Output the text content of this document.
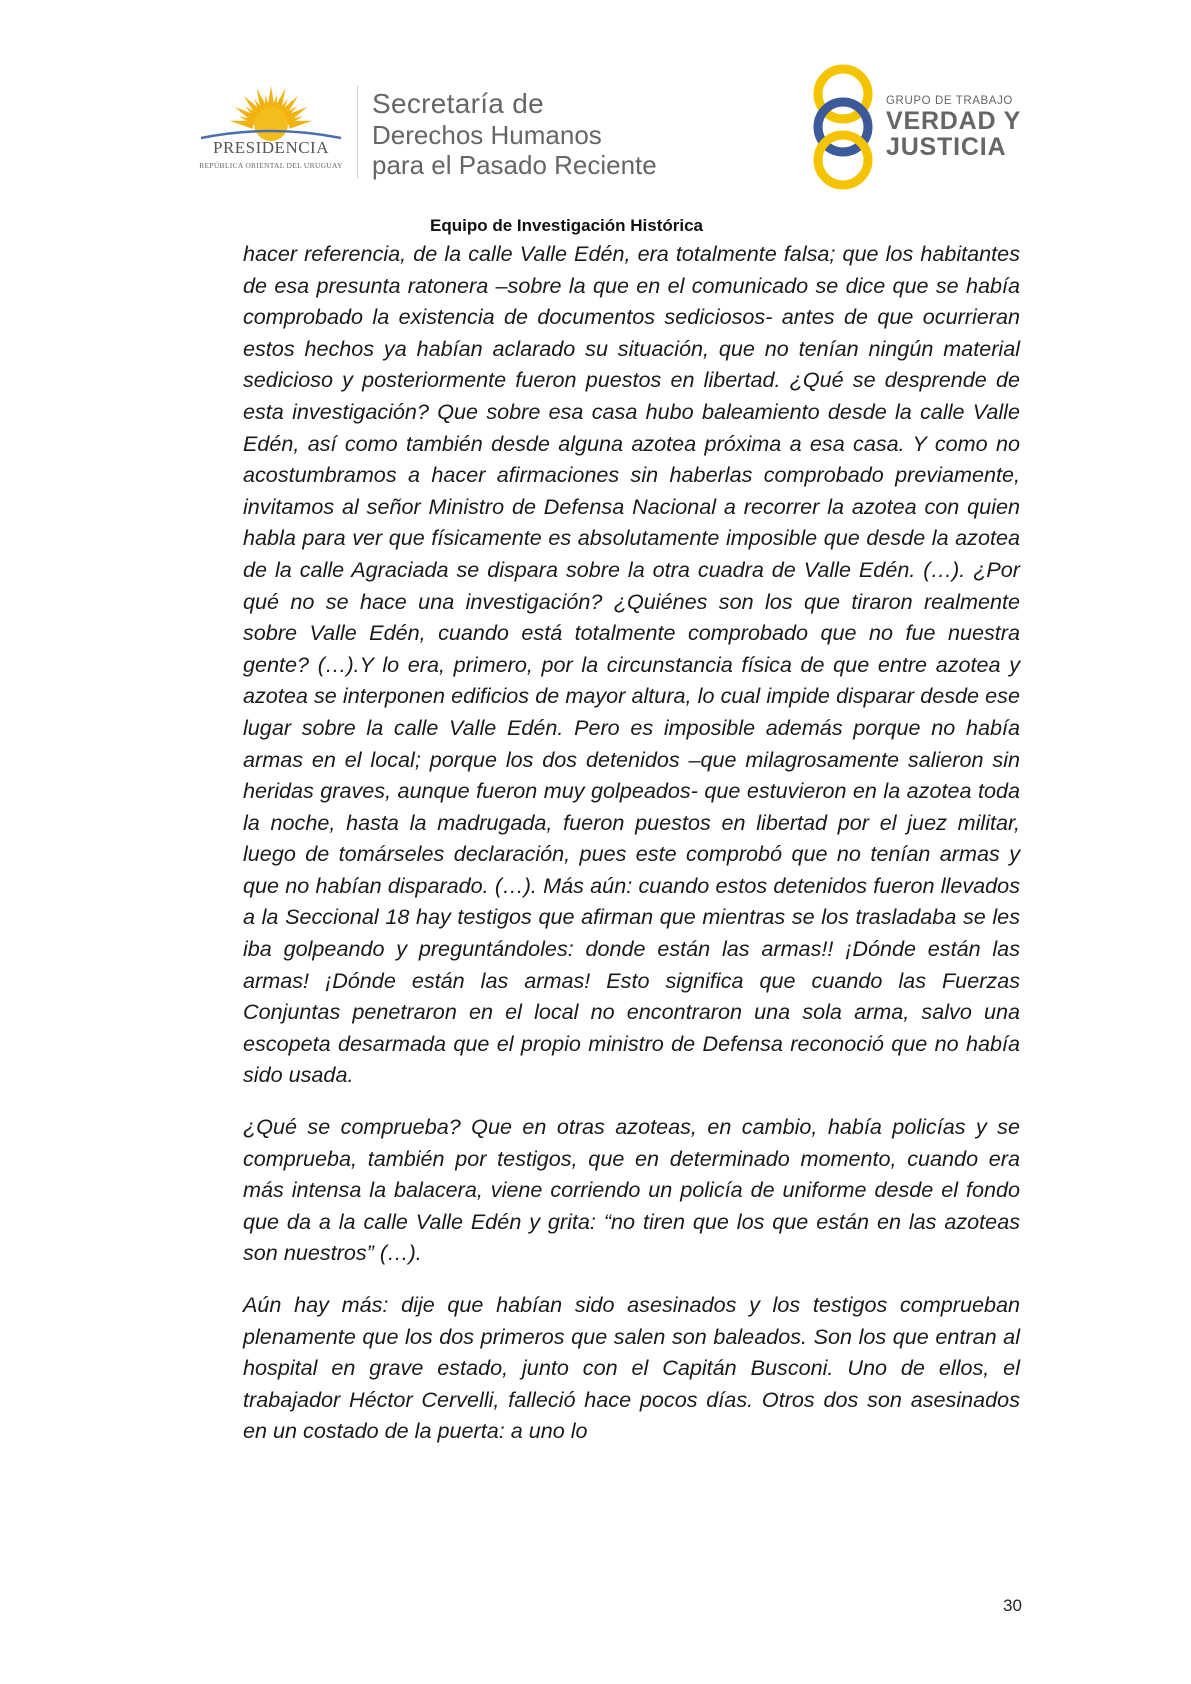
PRESIDENCIA
REPÚBLICA ORIENTAL DEL URUGUAY
Secretaría de
Derechos Humanos
para el Pasado Reciente
GRUPO DE TRABAJO
VERDAD Y
JUSTICIA
Equipo de Investigación Histórica

hacer referencia, de la calle Valle Edén, era totalmente falsa; que los habitantes de esa presunta ratonera –sobre la que en el comunicado se dice que se había comprobado la existencia de documentos sediciosos- antes de que ocurrieran estos hechos ya habían aclarado su situación, que no tenían ningún material sedicioso y posteriormente fueron puestos en libertad. ¿Qué se desprende de esta investigación? Que sobre esa casa hubo baleamiento desde la calle Valle Edén, así como también desde alguna azotea próxima a esa casa. Y como no acostumbramos a hacer afirmaciones sin haberlas comprobado previamente, invitamos al señor Ministro de Defensa Nacional a recorrer la azotea con quien habla para ver que físicamente es absolutamente imposible que desde la azotea de la calle Agraciada se dispara sobre la otra cuadra de Valle Edén. (…). ¿Por qué no se hace una investigación? ¿Quiénes son los que tiraron realmente sobre Valle Edén, cuando está totalmente comprobado que no fue nuestra gente? (…).Y lo era, primero, por la circunstancia física de que entre azotea y azotea se interponen edificios de mayor altura, lo cual impide disparar desde ese lugar sobre la calle Valle Edén. Pero es imposible además porque no había armas en el local; porque los dos detenidos –que milagrosamente salieron sin heridas graves, aunque fueron muy golpeados- que estuvieron en la azotea toda la noche, hasta la madrugada, fueron puestos en libertad por el juez militar, luego de tomárseles declaración, pues este comprobó que no tenían armas y que no habían disparado. (…). Más aún: cuando estos detenidos fueron llevados a la Seccional 18 hay testigos que afirman que mientras se los trasladaba se les iba golpeando y preguntándoles: donde están las armas!! ¡Dónde están las armas! ¡Dónde están las armas! Esto significa que cuando las Fuerzas Conjuntas penetraron en el local no encontraron una sola arma, salvo una escopeta desarmada que el propio ministro de Defensa reconoció que no había sido usada.

¿Qué se comprueba? Que en otras azoteas, en cambio, había policías y se comprueba, también por testigos, que en determinado momento, cuando era más intensa la balacera, viene corriendo un policía de uniforme desde el fondo que da a la calle Valle Edén y grita: “no tiren que los que están en las azoteas son nuestros” (…).

Aún hay más: dije que habían sido asesinados y los testigos comprueban plenamente que los dos primeros que salen son baleados. Son los que entran al hospital en grave estado, junto con el Capitán Busconi. Uno de ellos, el trabajador Héctor Cervelli, falleció hace pocos días. Otros dos son asesinados en un costado de la puerta: a uno lo

30
